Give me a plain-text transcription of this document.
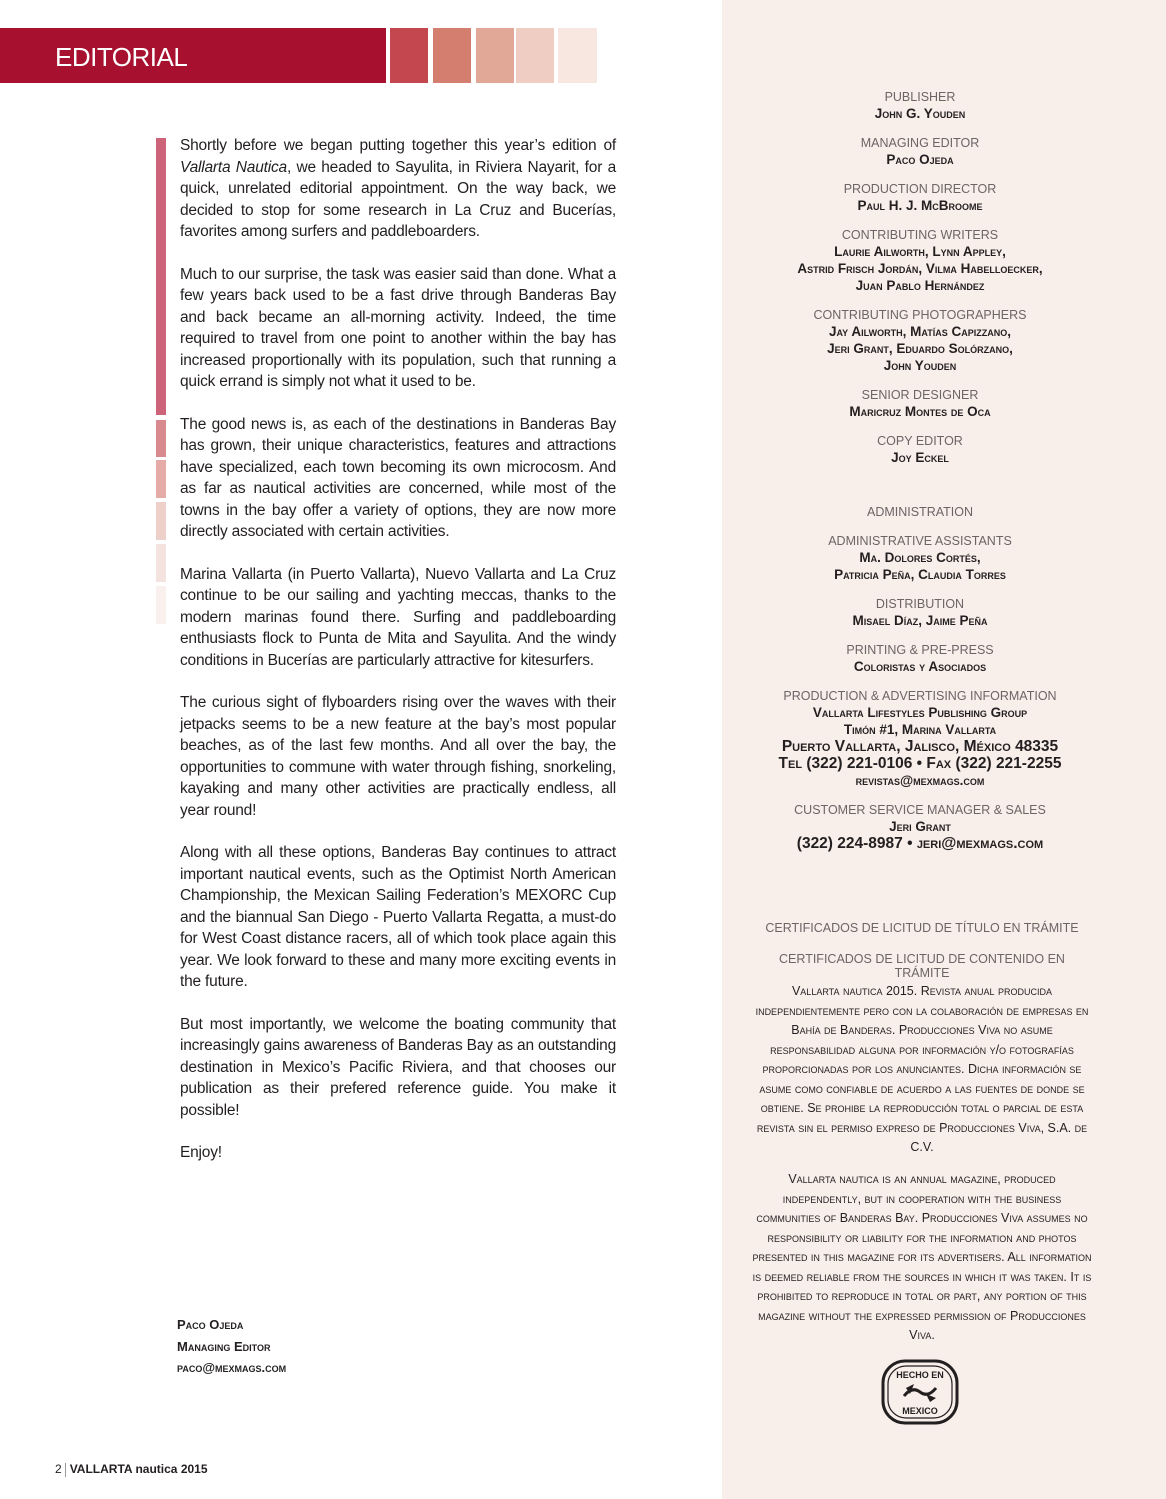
EDITORIAL

Shortly before we began putting together this year’s edition of Vallarta Nautica, we headed to Sayulita, in Riviera Nayarit, for a quick, unrelated editorial appointment. On the way back, we decided to stop for some research in La Cruz and Bucerías, favorites among surfers and paddleboarders.

Much to our surprise, the task was easier said than done. What a few years back used to be a fast drive through Banderas Bay and back became an all-morning activity. Indeed, the time required to travel from one point to another within the bay has increased proportionally with its population, such that running a quick errand is simply not what it used to be.

The good news is, as each of the destinations in Banderas Bay has grown, their unique characteristics, features and attractions have specialized, each town becoming its own microcosm. And as far as nautical activities are concerned, while most of the towns in the bay offer a variety of options, they are now more directly associated with certain activities.

Marina Vallarta (in Puerto Vallarta), Nuevo Vallarta and La Cruz continue to be our sailing and yachting meccas, thanks to the modern marinas found there. Surfing and paddleboarding enthusiasts flock to Punta de Mita and Sayulita. And the windy conditions in Bucerías are particularly attractive for kitesurfers.

The curious sight of flyboarders rising over the waves with their jetpacks seems to be a new feature at the bay’s most popular beaches, as of the last few months. And all over the bay, the opportunities to commune with water through fishing, snorkeling, kayaking and many other activities are practically endless, all year round!

Along with all these options, Banderas Bay continues to attract important nautical events, such as the Optimist North American Championship, the Mexican Sailing Federation’s MEXORC Cup and the biannual San Diego - Puerto Vallarta Regatta, a must-do for West Coast distance racers, all of which took place again this year. We look forward to these and many more exciting events in the future.

But most importantly, we welcome the boating community that increasingly gains awareness of Banderas Bay as an outstanding destination in Mexico’s Pacific Riviera, and that chooses our publication as their prefered reference guide. You make it possible!

Enjoy!

Paco Ojeda
Managing Editor
paco@mexmags.com
2 VALLARTA nautica 2015
PUBLISHER
John G. Youden
MANAGING EDITOR
Paco Ojeda
PRODUCTION DIRECTOR
Paul H. J. McBroome
CONTRIBUTING WRITERS
Laurie Ailworth, Lynn Appley,
Astrid Frisch Jordán, Vilma Habelloecker,
Juan Pablo Hernández
CONTRIBUTING PHOTOGRAPHERS
Jay Ailworth, Matías Capizzano,
Jeri Grant, Eduardo Solórzano,
John Youden
SENIOR DESIGNER
Maricruz Montes de Oca
COPY EDITOR
Joy Eckel
ADMINISTRATION
ADMINISTRATIVE ASSISTANTS
Ma. Dolores Cortés,
Patricia Peña, Claudia Torres
DISTRIBUTION
Misael Díaz, Jaime Peña
PRINTING & PRE-PRESS
Coloristas y Asociados
PRODUCTION & ADVERTISING INFORMATION
Vallarta Lifestyles Publishing Group
Timón #1, Marina Vallarta
Puerto Vallarta, Jalisco, México 48335
Tel (322) 221-0106 • Fax (322) 221-2255
revistas@mexmags.com
CUSTOMER SERVICE MANAGER & SALES
Jeri Grant
(322) 224-8987 • jeri@mexmags.com
CERTIFICADOS DE LICITUD DE TÍTULO EN TRÁMITE
CERTIFICADOS DE LICITUD DE CONTENIDO EN TRÁMITE
Vallarta nautica 2015. Revista anual producida independientemente pero con la colaboración de empresas en Bahía de Banderas. Producciones Viva no asume responsabilidad alguna por información y/o fotografías proporcionadas por los anunciantes. Dicha información se asume como confiable de acuerdo a las fuentes de donde se obtiene. Se prohibe la reproducción total o parcial de esta revista sin el permiso expreso de Producciones Viva, S.A. de C.V.
Vallarta nautica is an annual magazine, produced independently, but in cooperation with the business communities of Banderas Bay. Producciones Viva assumes no responsibility or liability for the information and photos presented in this magazine for its advertisers. All information is deemed reliable from the sources in which it was taken. It is prohibited to reproduce in total or part, any portion of this magazine without the expressed permission of Producciones Viva.
HECHO EN
MEXICO
